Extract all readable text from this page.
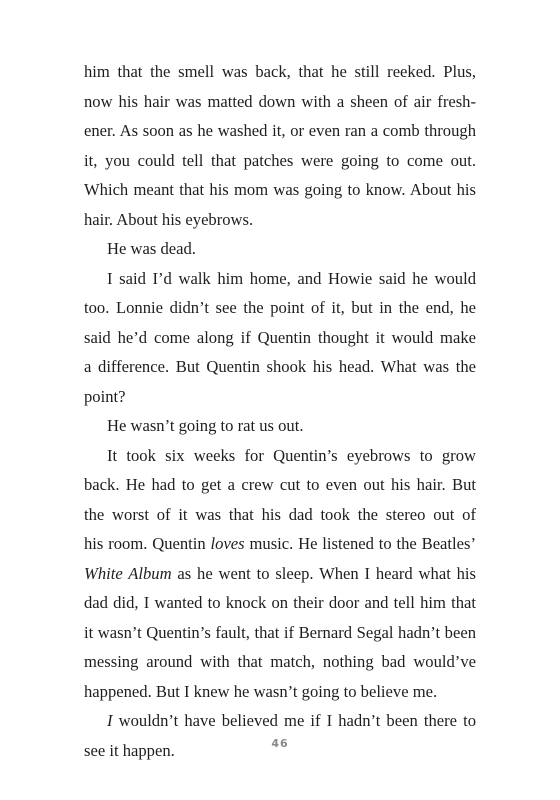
him that the smell was back, that he still reeked. Plus,
now his hair was matted down with a sheen of air fresh-
ener. As soon as he washed it, or even ran a comb through
it, you could tell that patches were going to come out.
Which meant that his mom was going to know. About his
hair. About his eyebrows.

He was dead.

I said I’d walk him home, and Howie said he would
too. Lonnie didn’t see the point of it, but in the end, he
said he’d come along if Quentin thought it would make
a difference. But Quentin shook his head. What was the
point?

He wasn’t going to rat us out.

It took six weeks for Quentin’s eyebrows to grow
back. He had to get a crew cut to even out his hair. But
the worst of it was that his dad took the stereo out of
his room. Quentin loves music. He listened to the Beatles’
White Album as he went to sleep. When I heard what his
dad did, I wanted to knock on their door and tell him that
it wasn’t Quentin’s fault, that if Bernard Segal hadn’t been
messing around with that match, nothing bad would’ve
happened. But I knew he wasn’t going to believe me.

I wouldn’t have believed me if I hadn’t been there to
see it happen.	46
